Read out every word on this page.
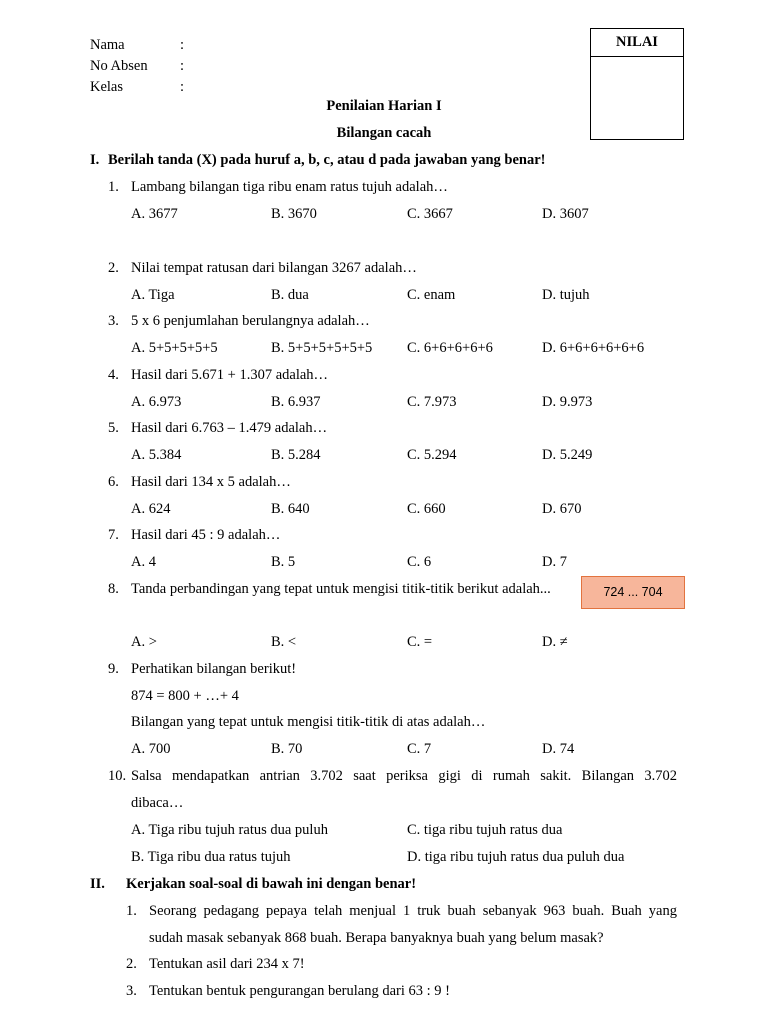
Nama	:
No Absen :
Kelas	:
NILAI
Penilaian Harian I
Bilangan cacah
I. Berilah tanda (X) pada huruf a, b, c, atau d pada jawaban yang benar!
1. Lambang bilangan tiga ribu enam ratus tujuh adalah…
A. 3677	B. 3670	C. 3667	D. 3607
2. Nilai tempat ratusan dari bilangan 3267 adalah…
A. Tiga	B. dua	C. enam	D. tujuh
3. 5 x 6 penjumlahan berulangnya adalah…
A. 5+5+5+5+5	B. 5+5+5+5+5+5 C. 6+6+6+6+6	D. 6+6+6+6+6+6
4. Hasil dari 5.671 + 1.307 adalah…
A. 6.973	B. 6.937	C. 7.973	D. 9.973
5. Hasil dari 6.763 – 1.479 adalah…
A. 5.384	B. 5.284	C. 5.294	D. 5.249
6. Hasil dari 134 x 5 adalah…
A. 624	B. 640	C. 660	D. 670
7. Hasil dari 45 : 9 adalah…
A. 4	B. 5	C. 6	D. 7
8. Tanda perbandingan yang tepat untuk mengisi titik-titik berikut adalah...	724 ... 704
A. >	B. <	C. =	D. ≠
9. Perhatikan bilangan berikut!
874 = 800 + …+ 4
Bilangan yang tepat untuk mengisi titik-titik di atas adalah…
A. 700	B. 70	C. 7	D. 74
10. Salsa mendapatkan antrian 3.702 saat periksa gigi di rumah sakit. Bilangan 3.702
dibaca…
A. Tiga ribu tujuh ratus dua puluh	C. tiga ribu tujuh ratus dua
B. Tiga ribu dua ratus tujuh	D. tiga ribu tujuh ratus dua puluh dua
II. Kerjakan soal-soal di bawah ini dengan benar!
1. Seorang pedagang pepaya telah menjual 1 truk buah sebanyak 963 buah. Buah yang
sudah masak sebanyak 868 buah. Berapa banyaknya buah yang belum masak?
2. Tentukan asil dari 234 x 7!
3. Tentukan bentuk pengurangan berulang dari 63 : 9 !
